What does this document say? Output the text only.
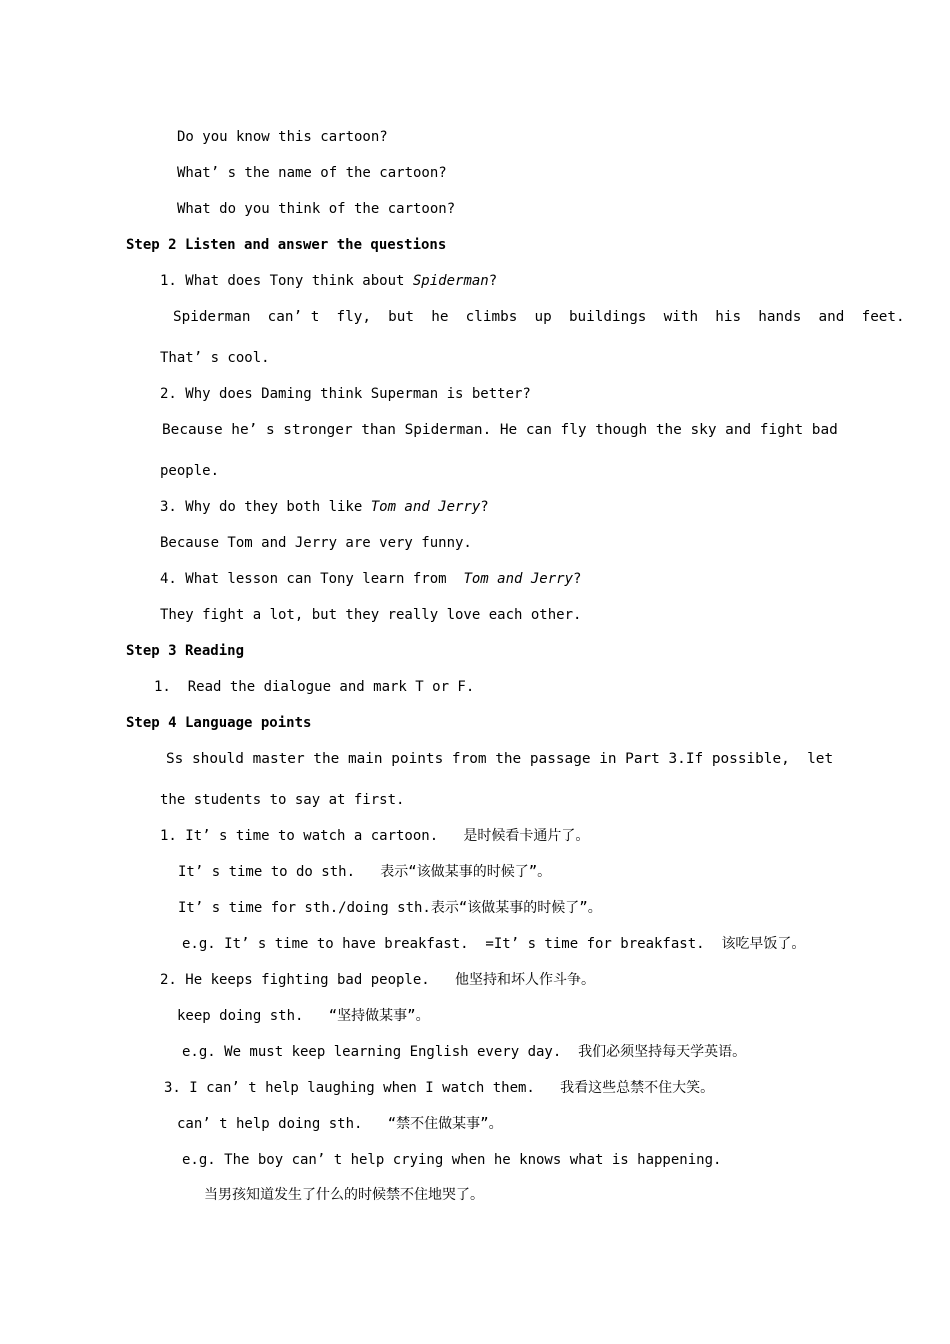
Do you know this cartoon?
What’ s the name of the cartoon?
What do you think of the cartoon?
Step 2 Listen and answer the questions
1. What does Tony think about Spiderman?
Spiderman  can’ t  fly,  but  he  climbs  up  buildings  with  his  hands  and  feet.
That’ s cool.
2. Why does Daming think Superman is better?
Because he’ s stronger than Spiderman. He can fly though the sky and fight bad
people.
3. Why do they both like Tom and Jerry?
Because Tom and Jerry are very funny.
4. What lesson can Tony learn from  Tom and Jerry?
They fight a lot, but they really love each other.
Step 3 Reading
1.  Read the dialogue and mark T or F.
Step 4 Language points
Ss should master the main points from the passage in Part 3.If possible,  let
the students to say at first.
1. It’ s time to watch a cartoon.   是时候看卡通片了。
It’ s time to do sth.   表示“该做某事的时候了”。
It’ s time for sth./doing sth.表示“该做某事的时候了”。
e.g. It’ s time to have breakfast.  =It’ s time for breakfast.  该吃早饭了。
2. He keeps fighting bad people.   他坚持和坏人作斗争。
keep doing sth.   “坚持做某事”。
e.g. We must keep learning English every day.  我们必须坚持每天学英语。
3. I can’ t help laughing when I watch them.   我看这些总禁不住大笑。
can’ t help doing sth.   “禁不住做某事”。
e.g. The boy can’ t help crying when he knows what is happening.
当男孩知道发生了什么的时候禁不住地哭了。
